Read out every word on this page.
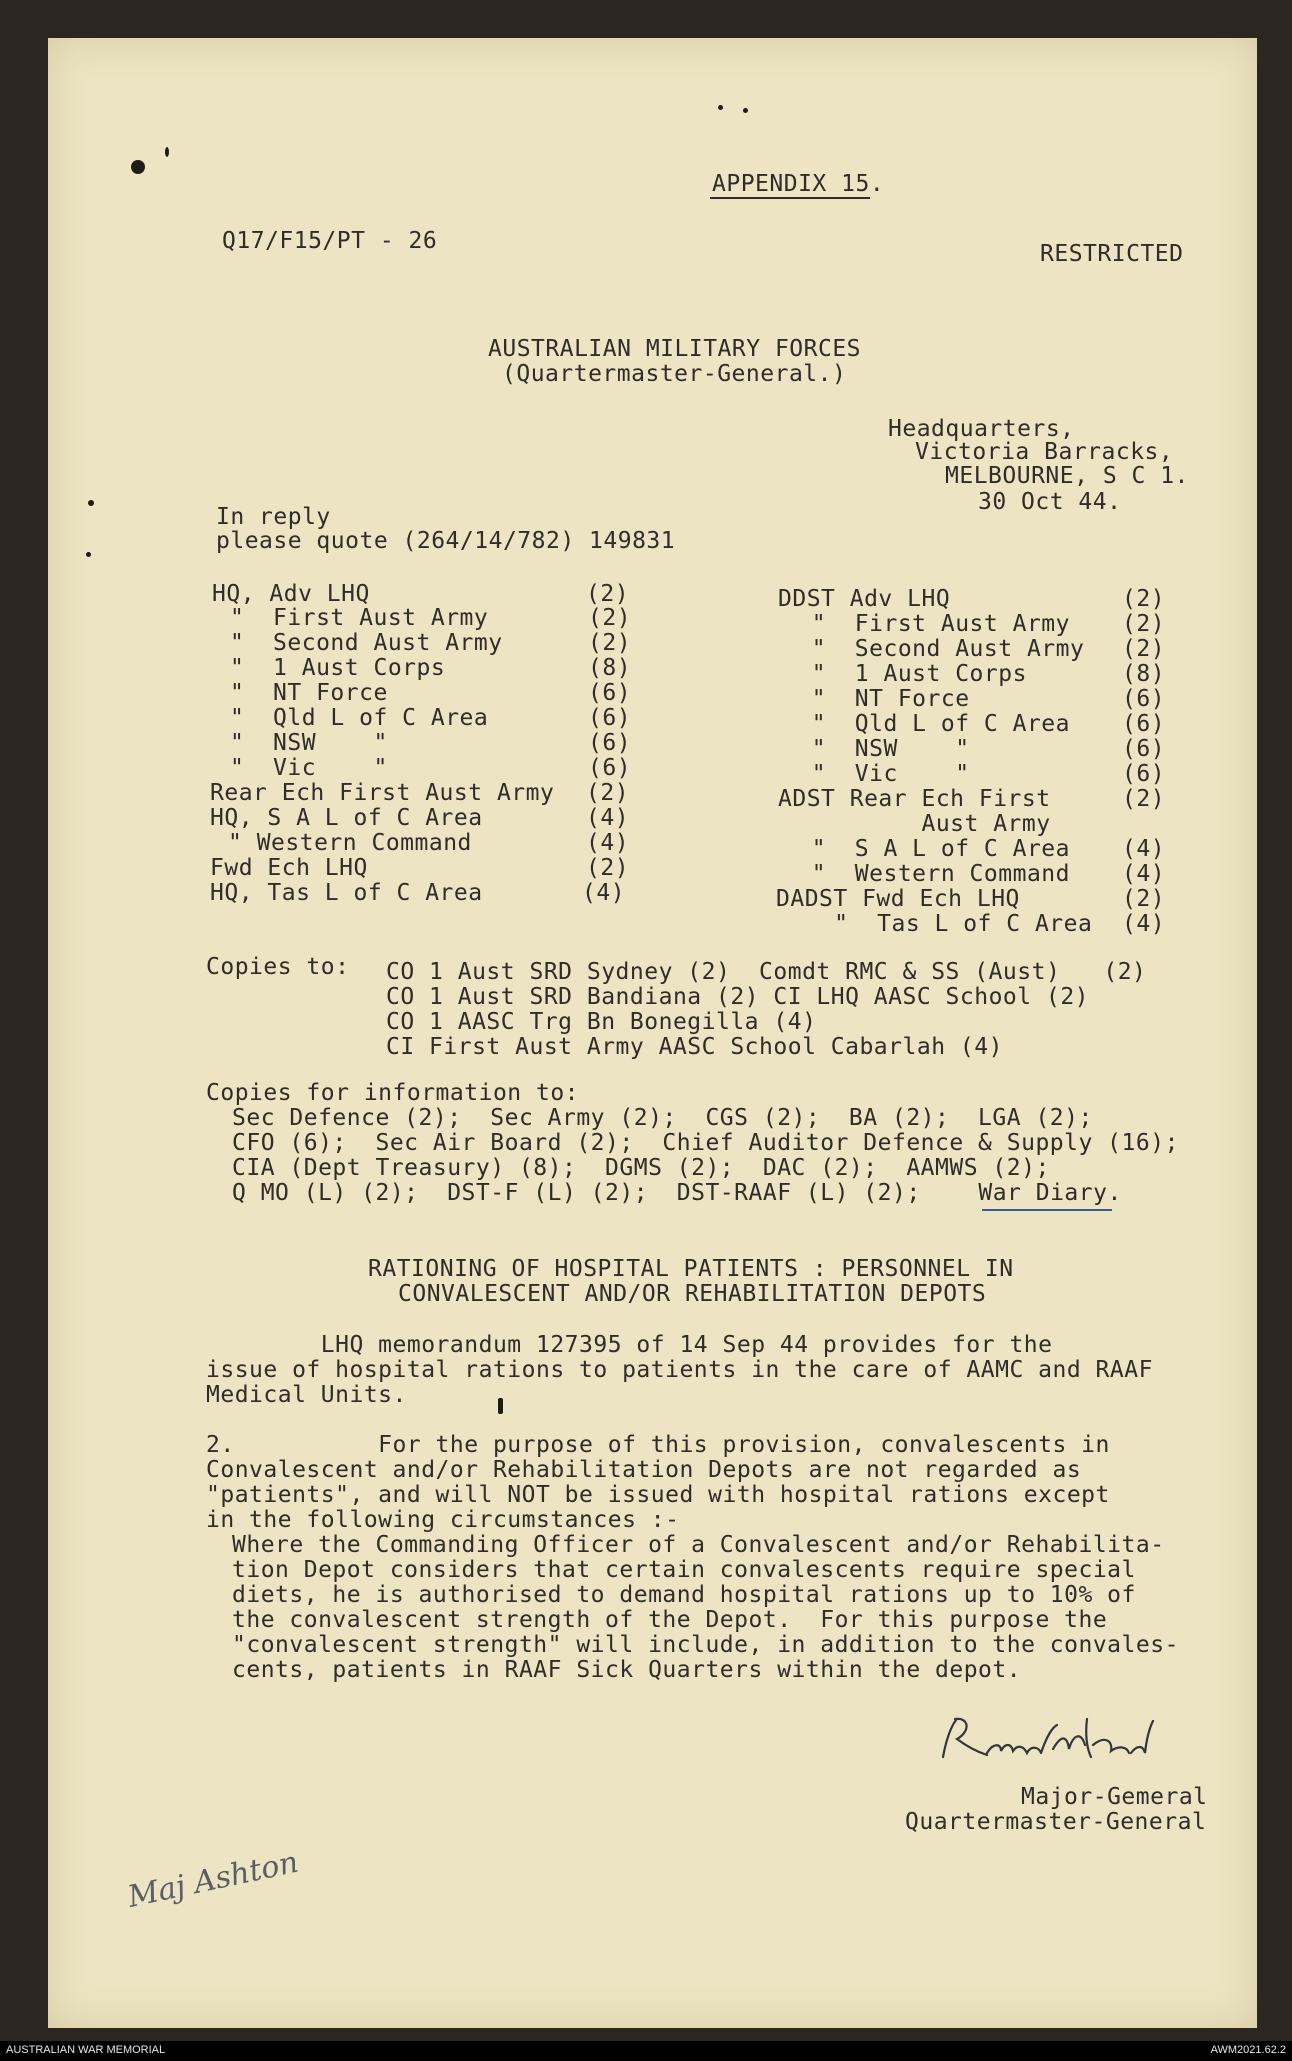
APPENDIX 15.
Q17/F15/PT - 26	RESTRICTED
AUSTRALIAN MILITARY FORCES
(Quartermaster-General.)
Headquarters,
Victoria Barracks,
MELBOURNE, S C 1.
30 Oct 44.
In reply
please quote (264/14/782) 149831
HQ, Adv LHQ	(2)
"  First Aust Army	(2)
"  Second Aust Army	(2)
"  1 Aust Corps	(8)
"  NT Force	(6)
"  Qld L of C Area	(6)
"  NSW    "	(6)
"  Vic    "	(6)
Rear Ech First Aust Army (2)
HQ, S A L of C Area	(4)
" Western Command	(4)
Fwd Ech LHQ	(2)
HQ, Tas L of C Area	(4)
DDST Adv LHQ	(2)
"  First Aust Army (2)
"  Second Aust Army (2)
"  1 Aust Corps	(8)
"  NT Force	(6)
"  Qld L of C Area (6)
"  NSW    "	(6)
"  Vic    "	(6)
ADST Rear Ech First	(2)
Aust Army
"  S A L of C Area (4)
"  Western Command (4)
DADST Fwd Ech LHQ	(2)
"  Tas L of C Area (4)
Copies to: CO 1 Aust SRD Sydney (2)  Comdt RMC & SS (Aust)   (2)
CO 1 Aust SRD Bandiana (2) CI LHQ AASC School (2)
CO 1 AASC Trg Bn Bonegilla (4)
CI First Aust Army AASC School Cabarlah (4)
Copies for information to:
Sec Defence (2);  Sec Army (2);  CGS (2);  BA (2);  LGA (2);
CFO (6);  Sec Air Board (2);  Chief Auditor Defence & Supply (16);
CIA (Dept Treasury) (8);  DGMS (2);  DAC (2);  AAMWS (2);
Q MO (L) (2);  DST-F (L) (2);  DST-RAAF (L) (2); War Diary.
RATIONING OF HOSPITAL PATIENTS : PERSONNEL IN
CONVALESCENT AND/OR REHABILITATION DEPOTS
LHQ memorandum 127395 of 14 Sep 44 provides for the
issue of hospital rations to patients in the care of AAMC and RAAF
Medical Units.
2.          For the purpose of this provision, convalescents in
Convalescent and/or Rehabilitation Depots are not regarded as
"patients", and will NOT be issued with hospital rations except
in the following circumstances :-
Where the Commanding Officer of a Convalescent and/or Rehabilita-
tion Depot considers that certain convalescents require special
diets, he is authorised to demand hospital rations up to 10% of
the convalescent strength of the Depot.  For this purpose the
"convalescent strength" will include, in addition to the convales-
cents, patients in RAAF Sick Quarters within the depot.
Major-Gemeral
Quartermaster-General
Maj Ashton
AUSTRALIAN WAR MEMORIAL	AWM2021.62.2
